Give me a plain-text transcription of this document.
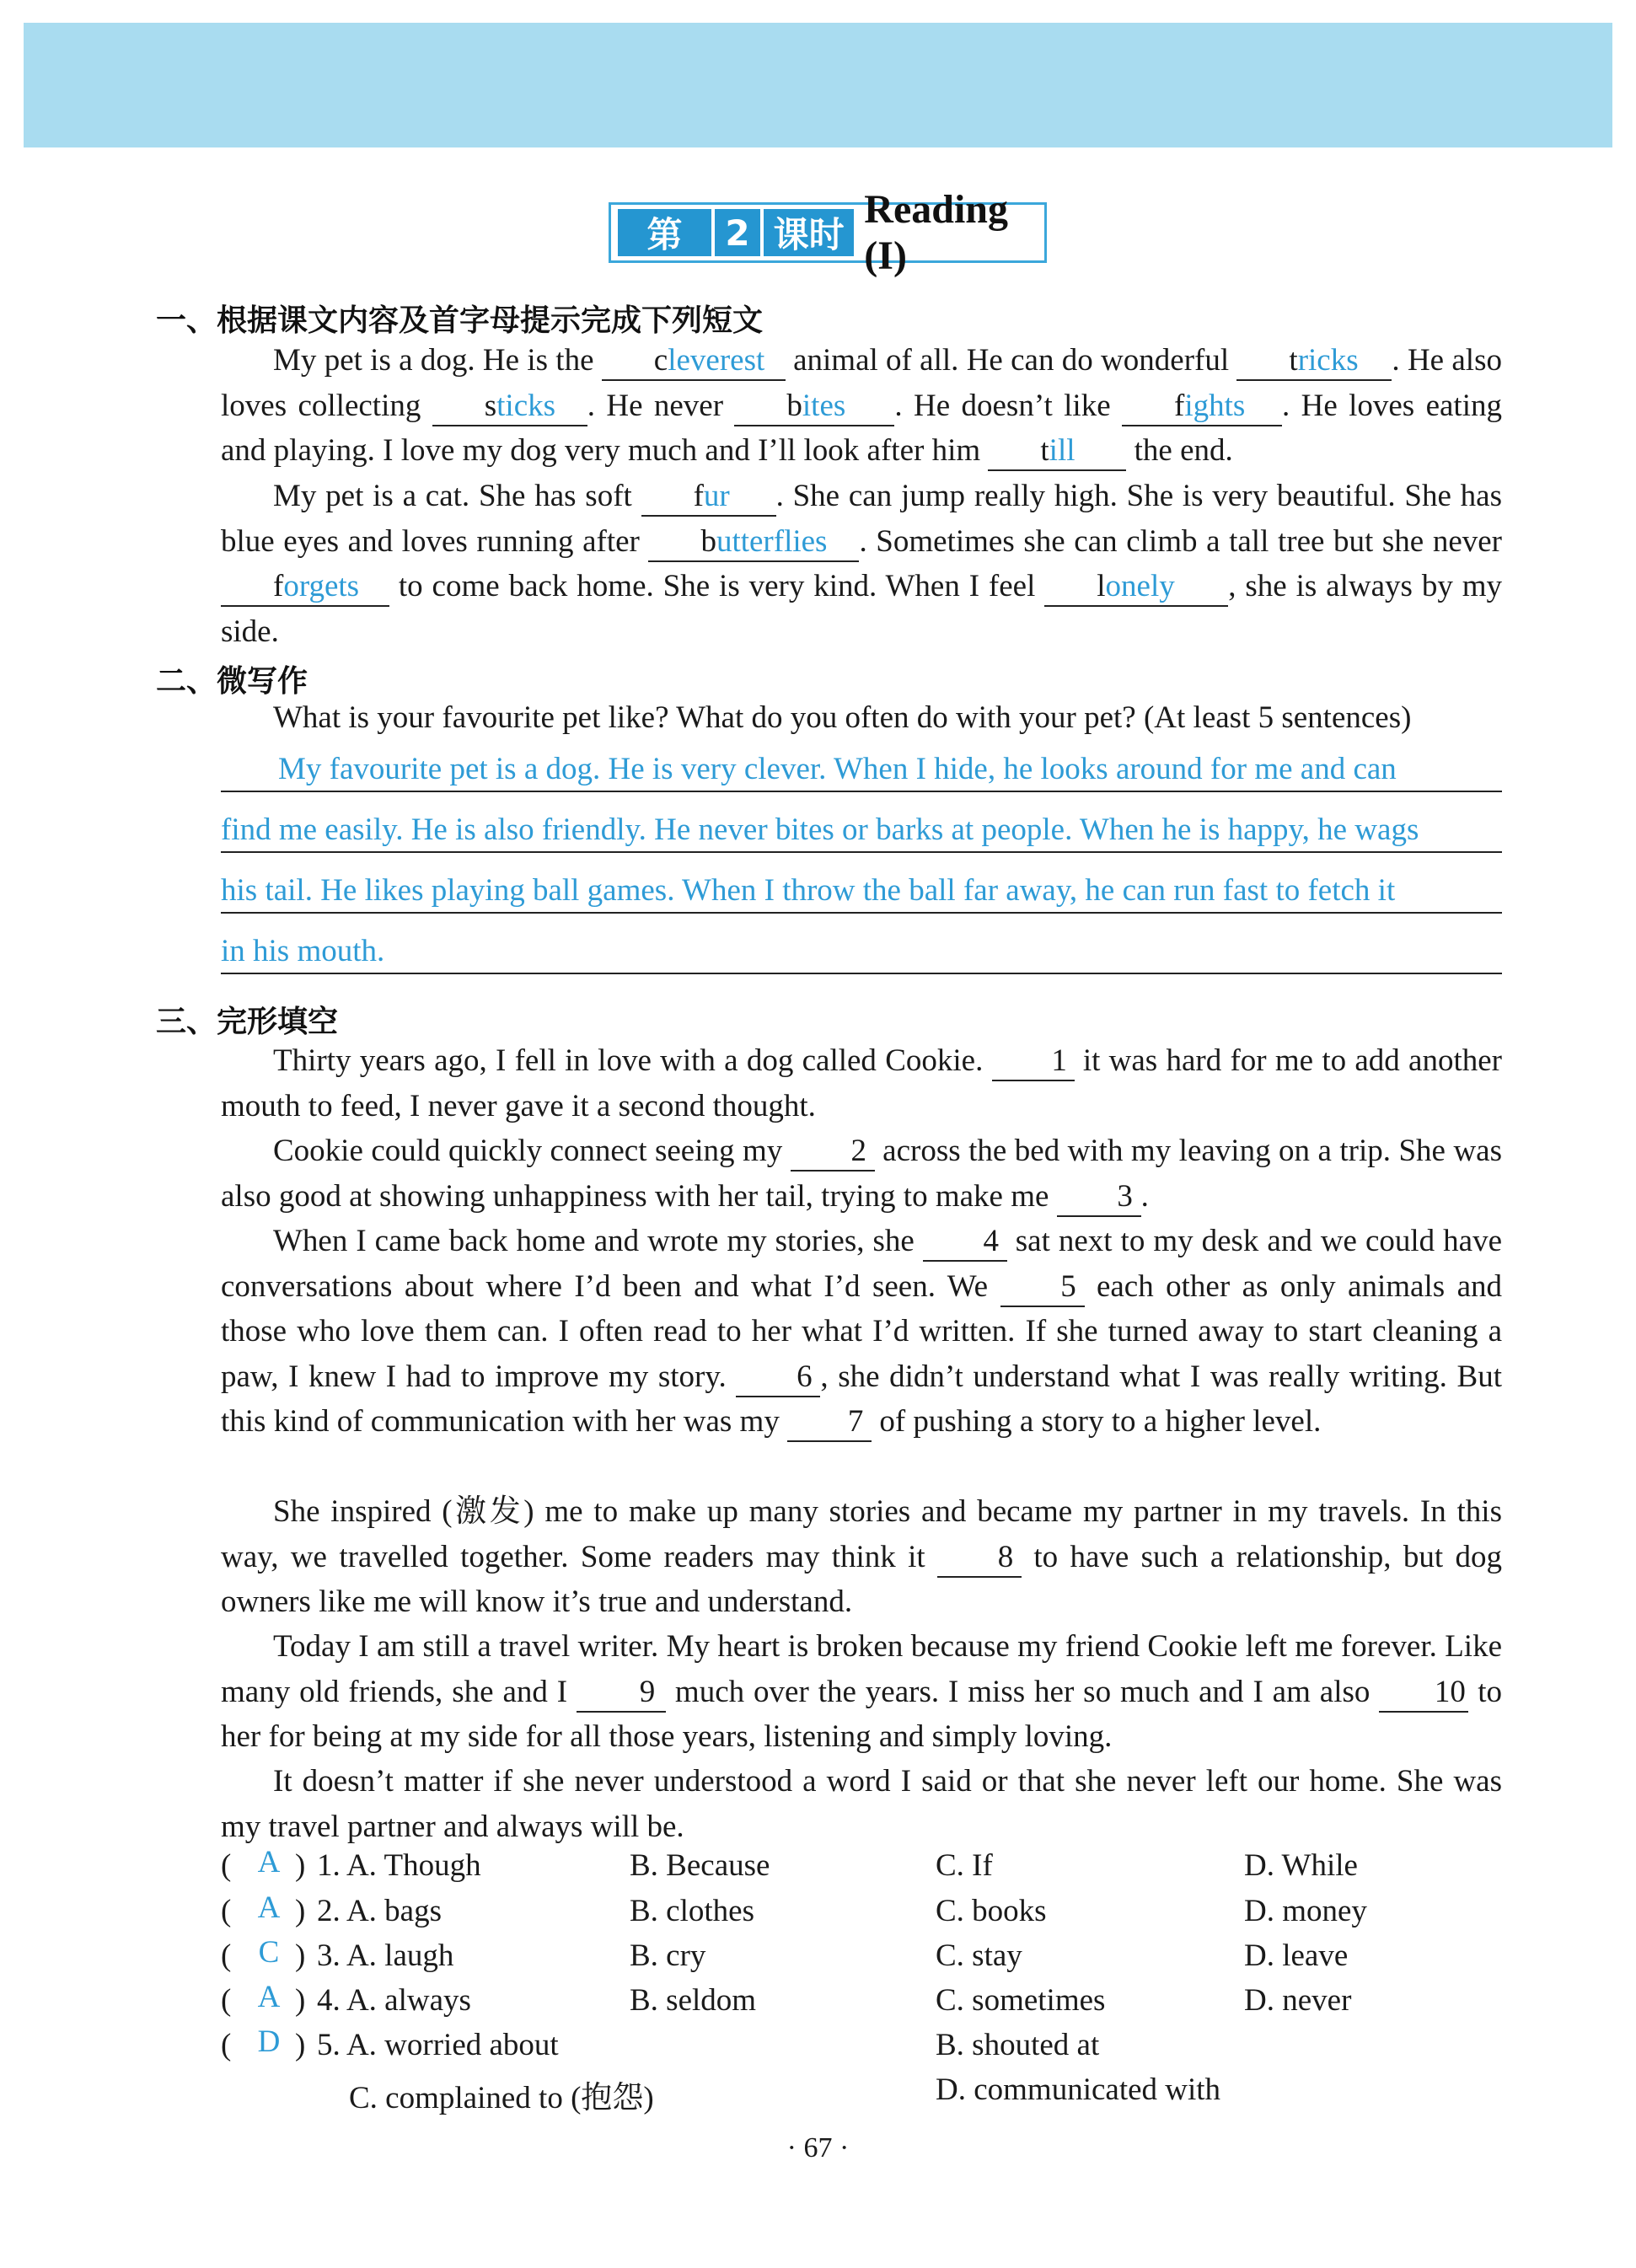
第	2 课时
Reading (I)
一、根据课文内容及首字母提示完成下列短文

My pet is a dog. He is the cleverest animal of all. He can do wonderful tricks . He also loves collecting sticks . He never bites . He doesn’t like fights . He loves eating and playing. I love my dog very much and I’ll look after him till the end.

My pet is a cat. She has soft fur . She can jump really high. She is very beautiful. She has blue eyes and loves running after butterflies . Sometimes she can climb a tall tree but she never forgets to come back home. She is very kind. When I feel lonely , she is always by my side.

二、微写作

What is your favourite pet like? What do you often do with your pet? (At least 5 sentences)

My favourite pet is a dog. He is very clever. When I hide, he looks around for me and can
find me easily. He is also friendly. He never bites or barks at people. When he is happy, he wags
his tail. He likes playing ball games. When I throw the ball far away, he can run fast to fetch it
in his mouth.
三、完形填空

Thirty years ago, I fell in love with a dog called Cookie. 1 it was hard for me to add another mouth to feed, I never gave it a second thought.

Cookie could quickly connect seeing my 2 across the bed with my leaving on a trip. She was also good at showing unhappiness with her tail, trying to make me 3 .

When I came back home and wrote my stories, she 4 sat next to my desk and we could have conversations about where I’d been and what I’d seen. We 5 each other as only animals and those who love them can. I often read to her what I’d written. If she turned away to start cleaning a paw, I knew I had to improve my story. 6 , she didn’t understand what I was really writing. But this kind of communication with her was my 7 of pushing a story to a higher level.

She inspired (激发) me to make up many stories and became my partner in my travels. In this way, we travelled together. Some readers may think it 8 to have such a relationship, but dog owners like me will know it’s true and understand.

Today I am still a travel writer. My heart is broken because my friend Cookie left me forever. Like many old friends, she and I 9 much over the years. I miss her so much and I am also 10 to her for being at my side for all those years, listening and simply loving.

It doesn’t matter if she never understood a word I said or that she never left our home. She was my travel partner and always will be.

( A ) 1. A. Though	B. Because	C. If	D. While
( A ) 2. A. bags	B. clothes	C. books	D. money
( C ) 3. A. laugh	B. cry	C. stay	D. leave
( A ) 4. A. always	B. seldom	C. sometimes	D. never
( D ) 5. A. worried about	B. shouted at
C. complained to (抱怨)	D. communicated with
· 67 ·
